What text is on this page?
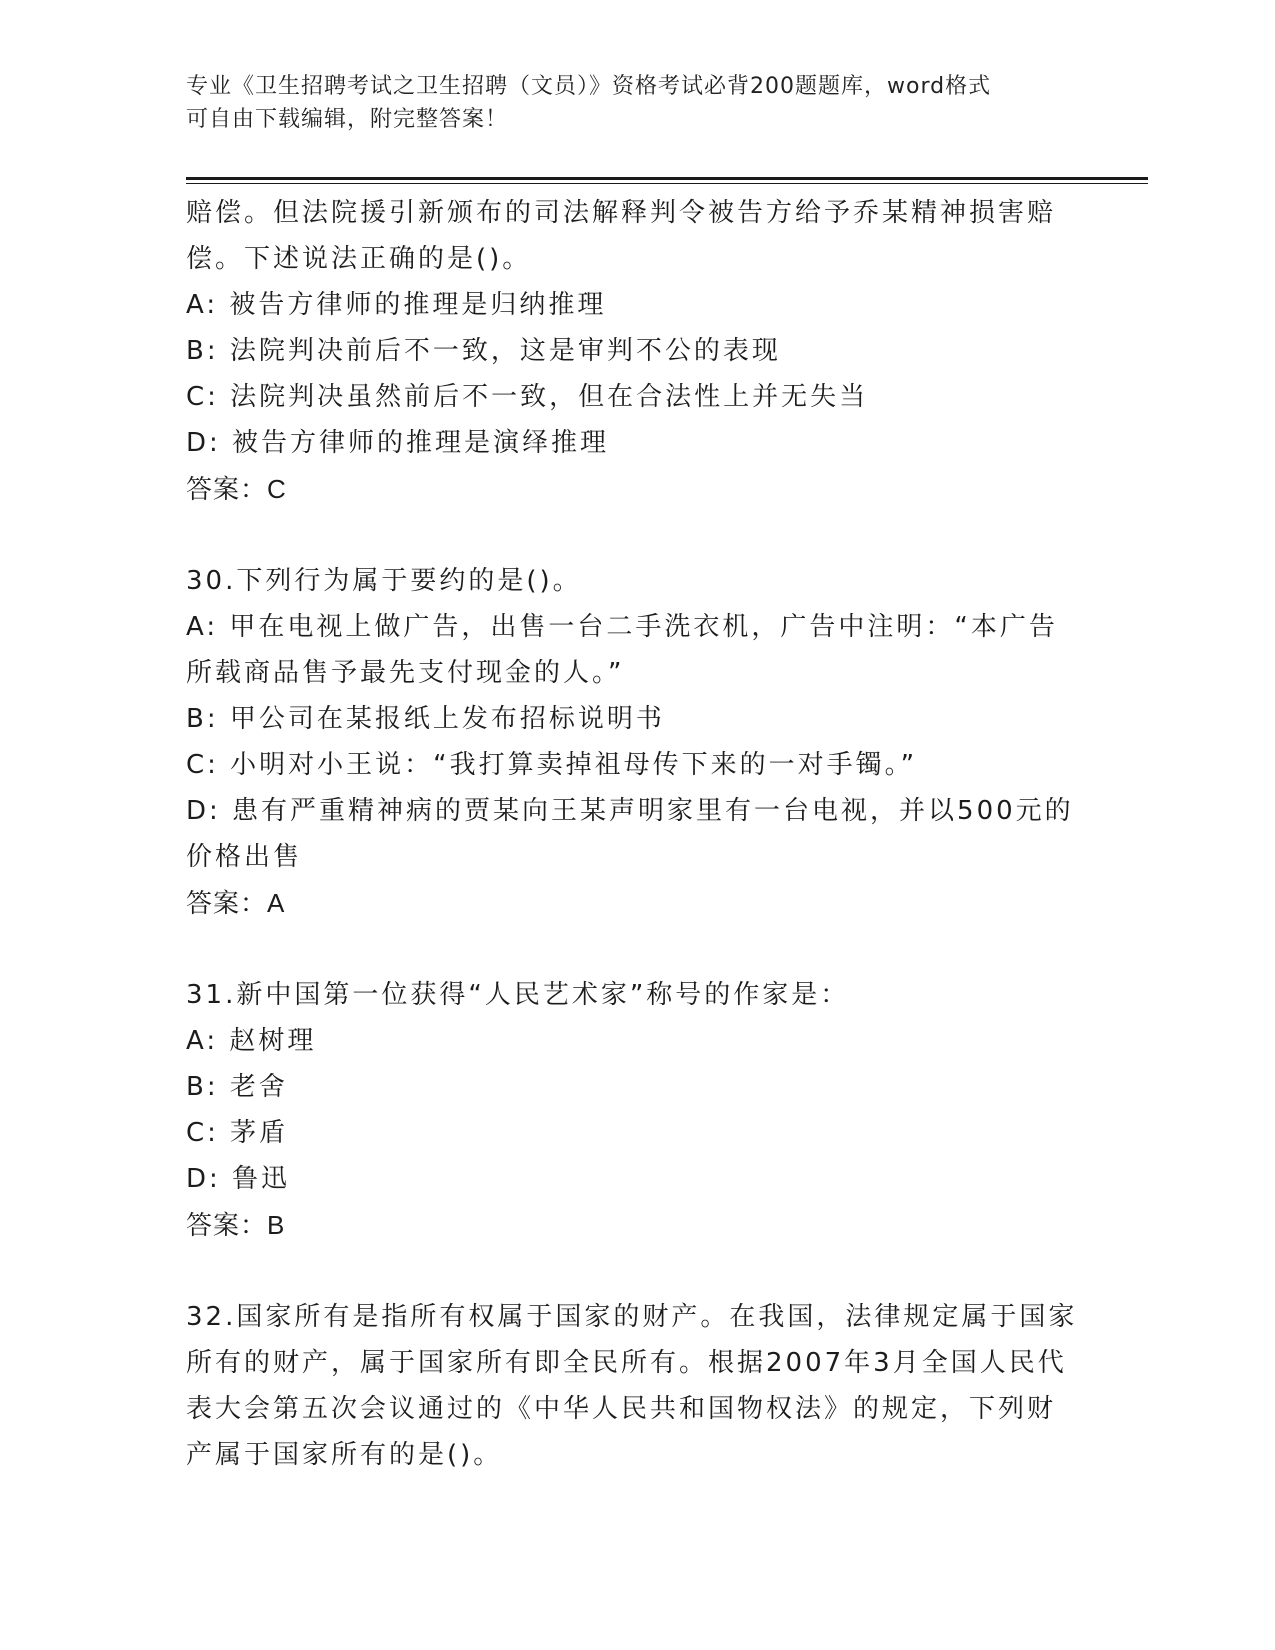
专业《卫生招聘考试之卫生招聘（文员）》资格考试必背200题题库，word格式
可自由下载编辑，附完整答案！
赔偿。但法院援引新颁布的司法解释判令被告方给予乔某精神损害赔
偿。下述说法正确的是()。
A: 被告方律师的推理是归纳推理
B: 法院判决前后不一致，这是审判不公的表现
C: 法院判决虽然前后不一致，但在合法性上并无失当
D: 被告方律师的推理是演绎推理
答案：C
30.下列行为属于要约的是()。
A: 甲在电视上做广告，出售一台二手洗衣机，广告中注明：“本广告
所载商品售予最先支付现金的人。”
B: 甲公司在某报纸上发布招标说明书
C: 小明对小王说：“我打算卖掉祖母传下来的一对手镯。”
D: 患有严重精神病的贾某向王某声明家里有一台电视，并以500元的
价格出售
答案：A
31.新中国第一位获得“人民艺术家”称号的作家是：
A: 赵树理
B: 老舍
C: 茅盾
D: 鲁迅
答案：B
32.国家所有是指所有权属于国家的财产。在我国，法律规定属于国家
所有的财产，属于国家所有即全民所有。根据2007年3月全国人民代
表大会第五次会议通过的《中华人民共和国物权法》的规定，下列财
产属于国家所有的是()。
